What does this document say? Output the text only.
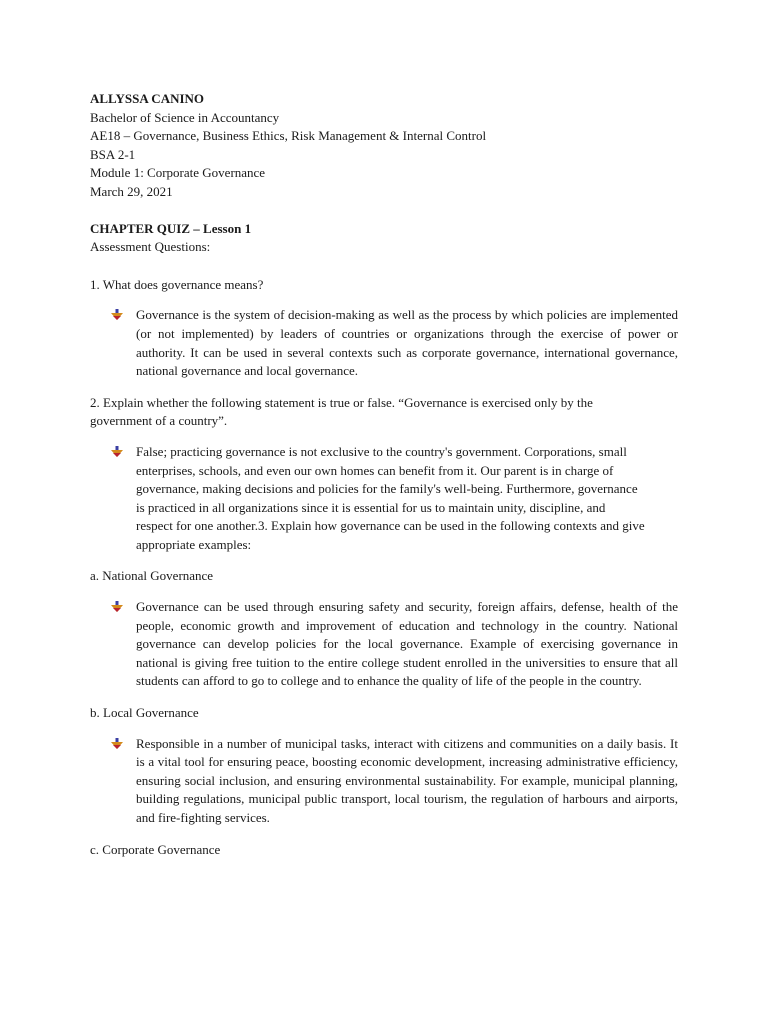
ALLYSSA CANINO
Bachelor of Science in Accountancy
AE18 – Governance, Business Ethics, Risk Management & Internal Control
BSA 2-1
Module 1: Corporate Governance
March 29, 2021
CHAPTER QUIZ – Lesson 1
Assessment Questions:
1. What does governance means?
Governance is the system of decision-making as well as the process by which policies are implemented (or not implemented) by leaders of countries or organizations through the exercise of power or authority. It can be used in several contexts such as corporate governance, international governance, national governance and local governance.
2. Explain whether the following statement is true or false. “Governance is exercised only by the
government of a country”.
False; practicing governance is not exclusive to the country's government. Corporations, small
enterprises, schools, and even our own homes can benefit from it. Our parent is in charge of
governance, making decisions and policies for the family's well-being. Furthermore, governance
is practiced in all organizations since it is essential for us to maintain unity, discipline, and
respect for one another.3. Explain how governance can be used in the following contexts and give
appropriate examples:
a. National Governance
Governance can be used through ensuring safety and security, foreign affairs, defense, health of the people, economic growth and improvement of education and technology in the country. National governance can develop policies for the local governance. Example of exercising governance in national is giving free tuition to the entire college student enrolled in the universities to ensure that all students can afford to go to college and to enhance the quality of life of the people in the country.
b. Local Governance
Responsible in a number of municipal tasks, interact with citizens and communities on a daily basis. It is a vital tool for ensuring peace, boosting economic development, increasing administrative efficiency, ensuring social inclusion, and ensuring environmental sustainability. For example, municipal planning, building regulations, municipal public transport, local tourism, the regulation of harbours and airports, and fire-fighting services.
c. Corporate Governance
